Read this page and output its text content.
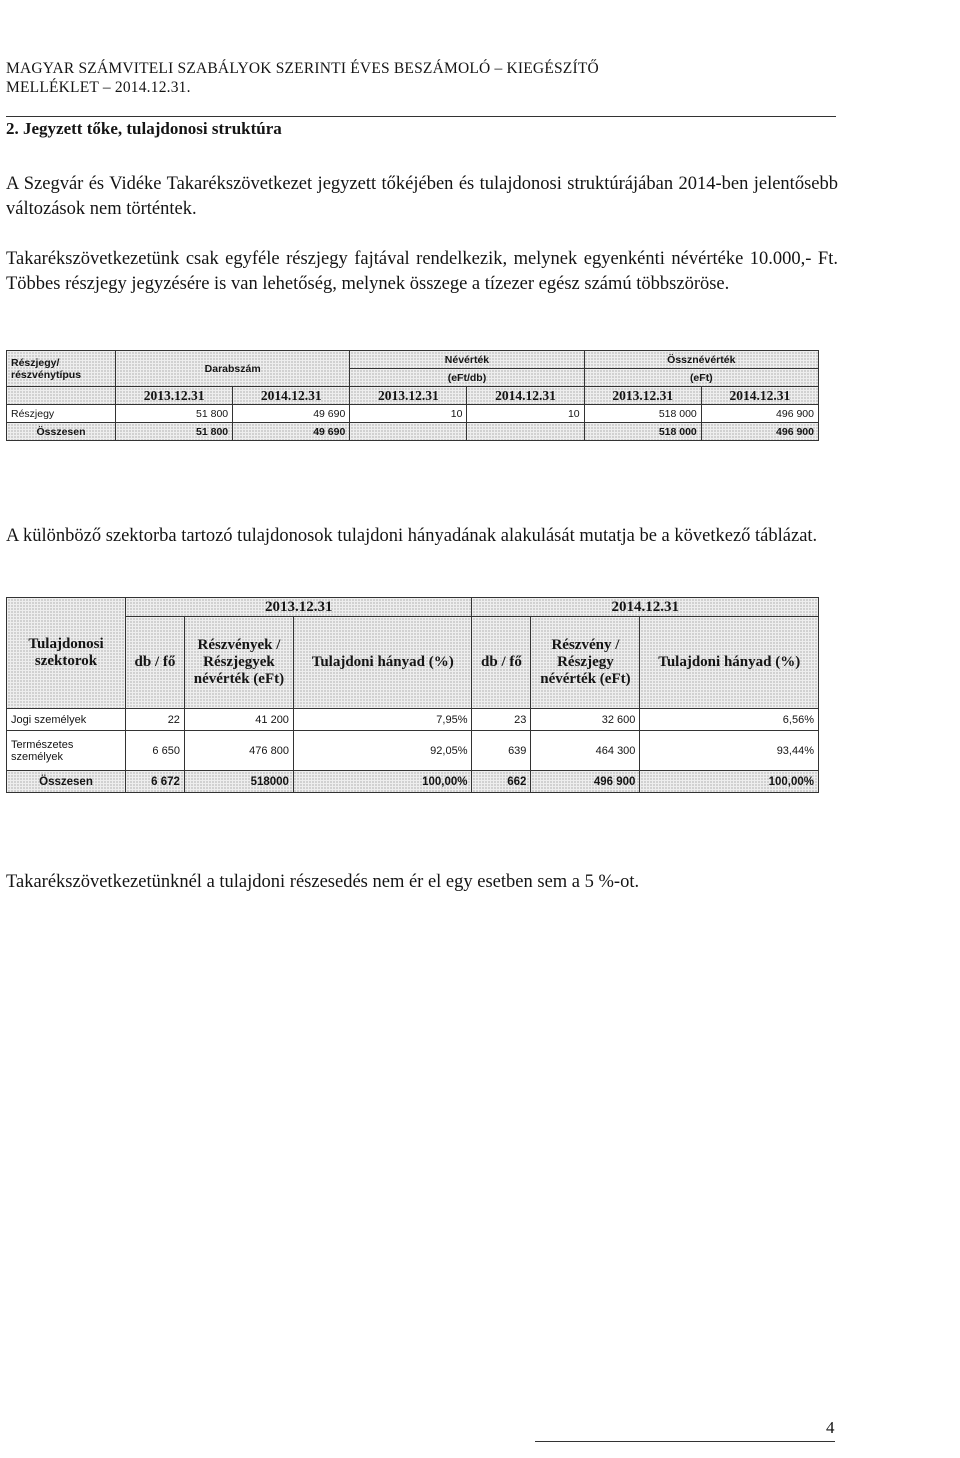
MAGYAR SZÁMVITELI SZABÁLYOK SZERINTI ÉVES BESZÁMOLÓ – KIEGÉSZÍTŐ
MELLÉKLET – 2014.12.31.
2. Jegyzett tőke, tulajdonosi struktúra
A Szegvár és Vidéke Takarékszövetkezet jegyzett tőkéjében és tulajdonosi struktúrájában 2014-ben jelentősebb változások nem történtek.
Takarékszövetkezetünk csak egyféle részjegy fajtával rendelkezik, melynek egyenkénti névértéke 10.000,- Ft. Többes részjegy jegyzésére is van lehetőség, melynek összege a tízezer egész számú többszöröse.
Részjegy/ részvénytípus	Darabszám		Névérték		Össznévérték	
			(eFt/db)		(eFt)	
	2013.12.31	2014.12.31	2013.12.31	2014.12.31	2013.12.31	2014.12.31
Részjegy	51 800	49 690	10	10	518 000	496 900
Összesen	51 800	49 690			518 000	496 900
A különböző szektorba tartozó tulajdonosok tulajdoni hányadának alakulását mutatja be a következő táblázat.
Tulajdonosi szektorok	2013.12.31			2014.12.31		
	db / fő	Részvények / Részjegyek névérték (eFt)	Tulajdoni hányad (%)	db / fő	Részvény / Részjegy névérték (eFt)	Tulajdoni hányad (%)
Jogi személyek	22	41 200	7,95%	23	32 600	6,56%
Természetes személyek	6 650	476 800	92,05%	639	464 300	93,44%
Összesen	6 672	518000	100,00%	662	496 900	100,00%
Takarékszövetkezetünknél a tulajdoni részesedés nem ér el egy esetben sem a 5 %-ot.
4
